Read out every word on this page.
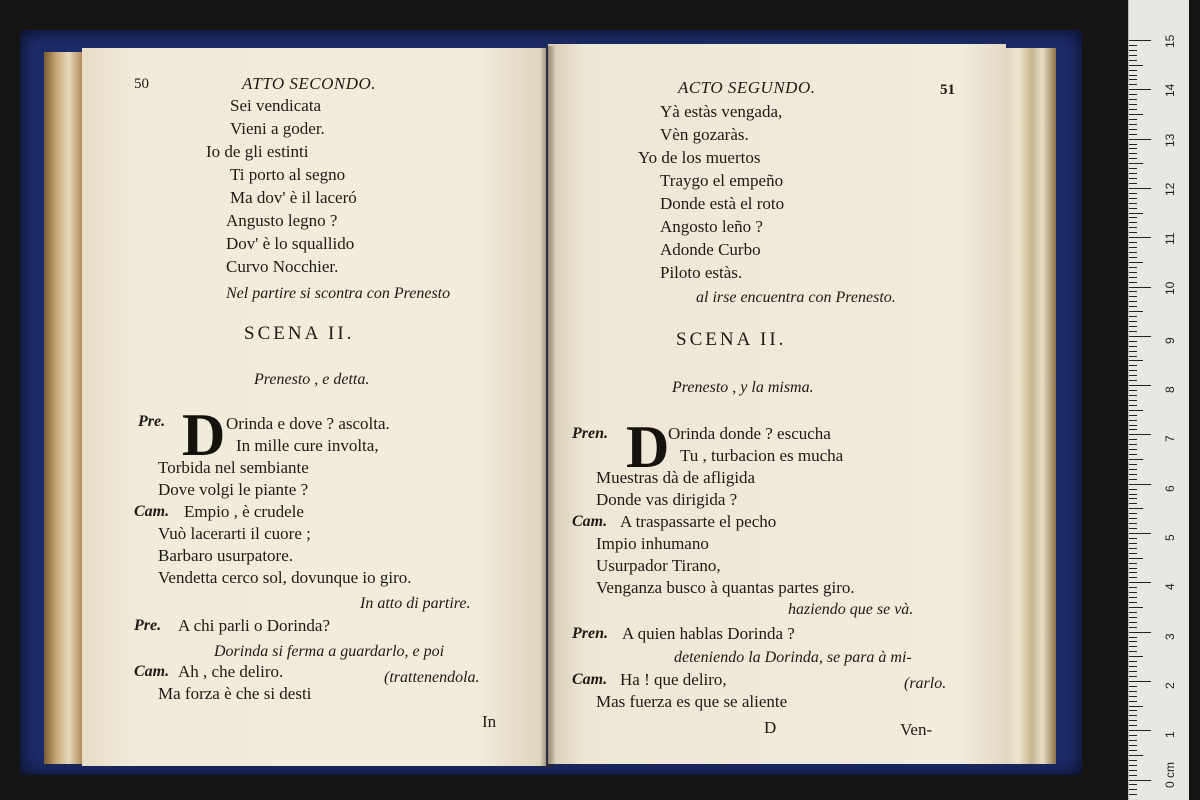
50	ATTO SECONDO.
Sei vendicata
Vieni a goder.
Io de gli estinti
Ti porto al segno
Ma dov' è il laceró
Angusto legno ?
Dov' è lo squallido
Curvo Nocchier.
Nel partire si scontra con Prenesto
SCENA II.
Prenesto , e detta.
Pre. D Orinda e dove ? ascolta.
In mille cure involta,
Torbida nel sembiante
Dove volgi le piante ?
Cam. Empio , è crudele
Vuò lacerarti il cuore ;
Barbaro usurpatore.
Vendetta cerco sol, dovunque io giro.
In atto di partire.
Pre. A chi parli o Dorinda?
Dorinda si ferma a guardarlo, e poi
Cam. Ah , che deliro.	(trattenendola.
Ma forza è che si desti
In
ACTO SEGUNDO.	51
Yà estàs vengada,
Vèn gozaràs.
Yo de los muertos
Traygo el empeño
Donde està el roto
Angosto leño ?
Adonde Curbo
Piloto estàs.
al irse encuentra con Prenesto.
SCENA II.
Prenesto , y la misma.
Pren. D
Orinda donde ? escucha
Tu , turbacion es mucha
Muestras dà de afligida
Donde vas dirigida ?
Cam. A traspassarte el pecho
Impio inhumano
Usurpador Tirano,
Venganza busco à quantas partes giro.
haziendo que se và.
Pren. A quien hablas Dorinda ?
deteniendo la Dorinda, se para à mi-
Cam. Ha ! que deliro,	(rarlo.
Mas fuerza es que se aliente
D	Ven-
15
14
13
12
11
10
9
8
7
6
5
4
3
2
1
0 cm
